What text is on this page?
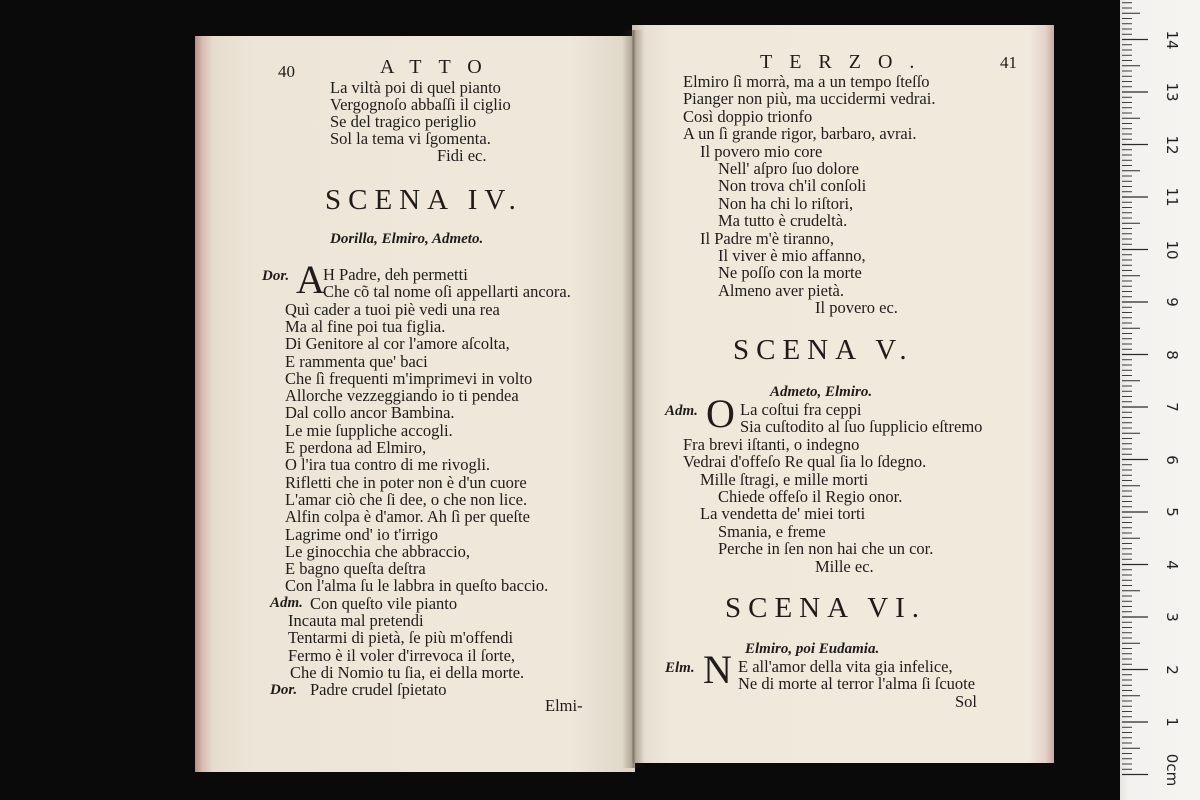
40	ATTO
La viltà poi di quel pianto
Vergognoſo abbaſſi il ciglio
Se del tragico periglio
Sol la tema vi ſgomenta.
Fidi ec.
SCENA IV.
Dorilla, Elmiro, Admeto.
Dor. A
H Padre, deh permetti
Che cõ tal nome oſi appellarti ancora.
Quì cader a tuoi piè vedi una rea
Ma al fine poi tua figlia.
Di Genitore al cor l'amore aſcolta,
E rammenta que' baci
Che ſì frequenti m'imprimevi in volto
Allorche vezzeggiando io ti pendea
Dal collo ancor Bambina.
Le mie ſuppliche accogli.
E perdona ad Elmiro,
O l'ira tua contro di me rivogli.
Rifletti che in poter non è d'un cuore
L'amar ciò che ſi dee, o che non lice.
Alfin colpa è d'amor. Ah ſì per queſte
Lagrime ond' io t'irrigo
Le ginocchia che abbraccio,
E bagno queſta deſtra
Con l'alma ſu le labbra in queſto baccio.
Adm. Con queſto vile pianto
Incauta mal pretendi
Tentarmi di pietà, ſe più m'offendi
Fermo è il voler d'irrevoca il ſorte,
Che di Nomio tu ſia, ei della morte.
Dor. Padre crudel ſpietato
Elmi-
TERZO.	41
Elmiro ſì morrà, ma a un tempo ſteſſo
Pianger non più, ma uccidermi vedrai.
Così doppio trionfo
A un ſì grande rigor, barbaro, avrai.
Il povero mio core
Nell' aſpro ſuo dolore
Non trova ch'il conſoli
Non ha chi lo riſtori,
Ma tutto è crudeltà.
Il Padre m'è tiranno,
Il viver è mio affanno,
Ne poſſo con la morte
Almeno aver pietà.
Il povero ec.
SCENA V.
Admeto, Elmiro.
Adm. O La coſtui fra ceppi
Sia cuſtodito al ſuo ſupplicio eſtremo
Fra brevi iſtanti, o indegno
Vedrai d'offeſo Re qual ſia lo ſdegno.
Mille ſtragi, e mille morti
Chiede offeſo il Regio onor.
La vendetta de' miei torti
Smania, e freme
Perche in ſen non hai che un cor.
Mille ec.
SCENA VI.
Elmiro, poi Eudamia.
Elm. N E all'amor della vita gia infelice,
Ne di morte al terror l'alma ſi ſcuote
Sol
14
13
12
11
10
9
8
7
6
5
4
3
2
1
0cm
